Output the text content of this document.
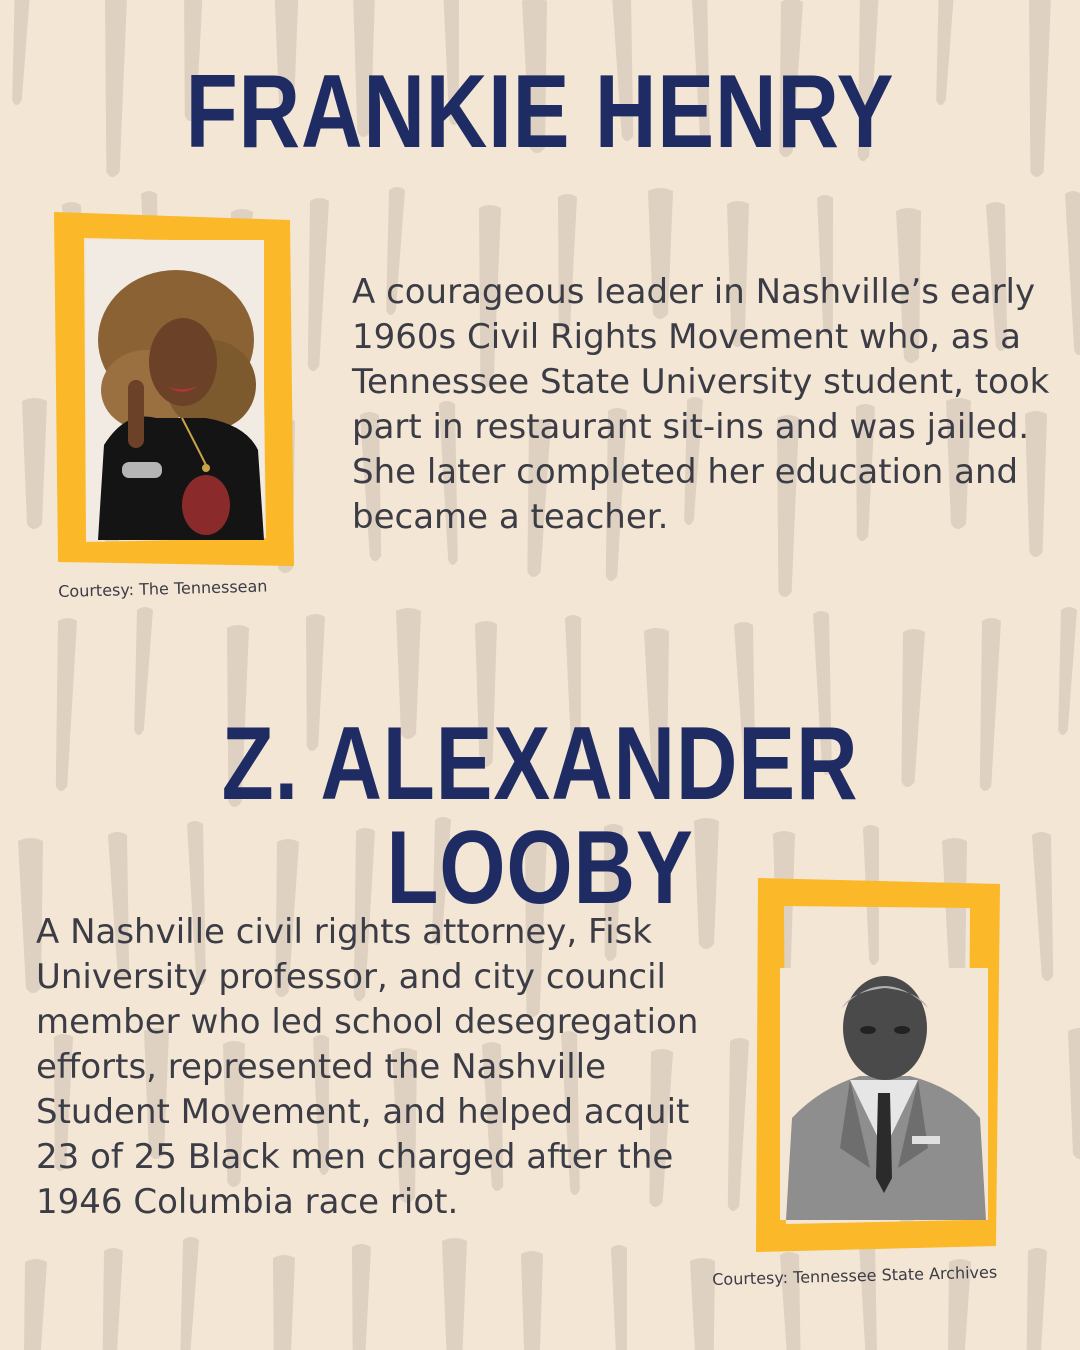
FRANKIE HENRY

Courtesy: The Tennessean

A courageous leader in Nashville’s early 1960s Civil Rights Movement who, as a Tennessee State University student, took part in restaurant sit-ins and was jailed. She later completed her education and became a teacher.

Z. ALEXANDER LOOBY

A Nashville civil rights attorney, Fisk University professor, and city council member who led school desegregation efforts, represented the Nashville Student Movement, and helped acquit 23 of 25 Black men charged after the 1946 Columbia race riot.

Courtesy: Tennessee State Archives
